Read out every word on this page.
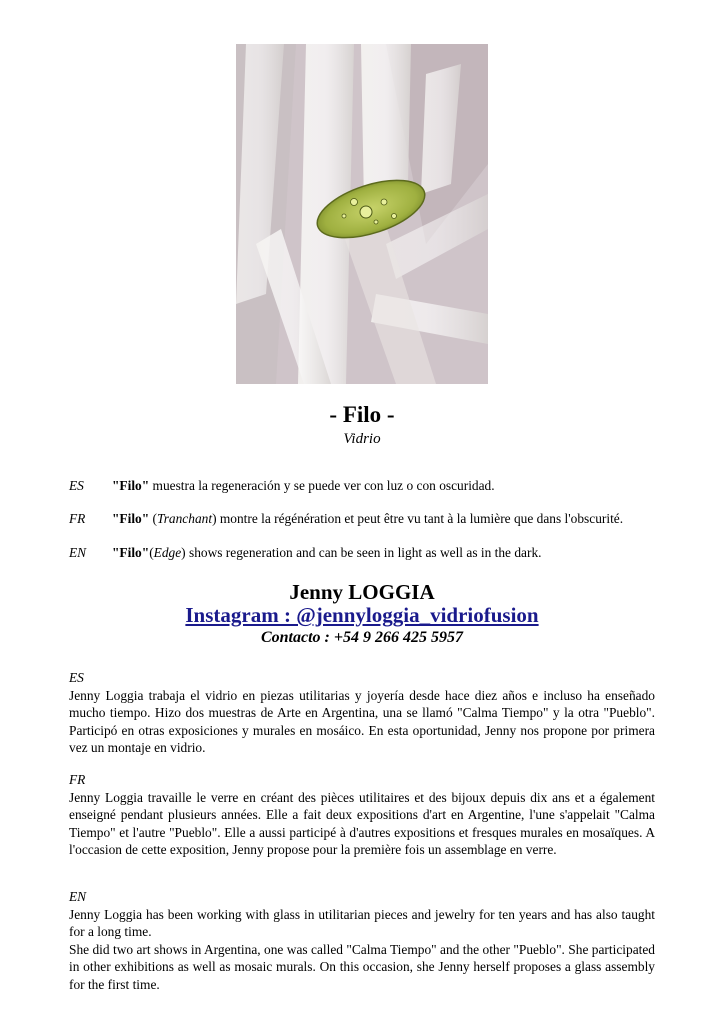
- Filo -
Vidrio
ES "Filo" muestra la regeneración y se puede ver con luz o con oscuridad.
FR "Filo" (Tranchant) montre la régénération et peut être vu tant à la lumière que dans l'obscurité.
EN "Filo"(Edge) shows regeneration and can be seen in light as well as in the dark.
Jenny LOGGIA
Instagram : @jennyloggia_vidriofusion
Contacto : +54 9 266 425 5957
ES

Jenny Loggia trabaja el vidrio en piezas utilitarias y joyería desde hace diez años e incluso ha enseñado mucho tiempo. Hizo dos muestras de Arte en Argentina, una se llamó "Calma Tiempo" y la otra "Pueblo". Participó en otras exposiciones y murales en mosáico. En esta oportunidad, Jenny nos propone por primera vez un montaje en vidrio.

FR

Jenny Loggia travaille le verre en créant des pièces utilitaires et des bijoux depuis dix ans et a également enseigné pendant plusieurs années. Elle a fait deux expositions d'art en Argentine, l'une s'appelait "Calma Tiempo" et l'autre "Pueblo". Elle a aussi participé à d'autres expositions et fresques murales en mosaïques. A l'occasion de cette exposition, Jenny propose pour la première fois un assemblage en verre.

EN

Jenny Loggia has been working with glass in utilitarian pieces and jewelry for ten years and has also taught for a long time.

She did two art shows in Argentina, one was called "Calma Tiempo" and the other "Pueblo". She participated in other exhibitions as well as mosaic murals. On this occasion, she Jenny herself proposes a glass assembly for the first time.
